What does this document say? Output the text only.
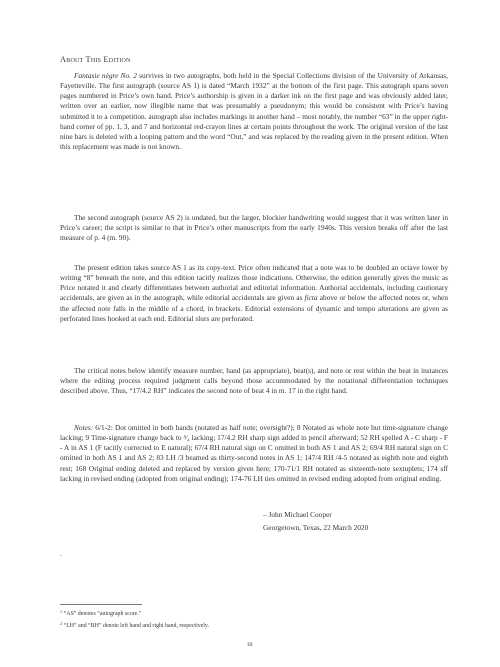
About This Edition

Fantasie nègre No. 2 survives in two autographs, both held in the Special Collections division of the University of Arkansas, Fayetteville. The first autograph (source AS 1) is dated “March 1932” at the bottom of the first page. This autograph spans seven pages numbered in Price’s own hand. Price’s authorship is given in a darker ink on the first page and was obviously added later, written over an earlier, now illegible name that was presumably a pseudonym; this would be consistent with Price’s having submitted it to a competition. autograph also includes markings in another hand – most notably, the number “63” in the upper right-hand corner of pp. 1, 3, and 7 and horizontal red-crayon lines at certain points throughout the work. The original version of the last nine bars is deleted with a looping pattern and the word “Out,” and was replaced by the reading given in the present edition. When this replacement was made is not known.

The second autograph (source AS 2) is undated, but the larger, blockier handwriting would suggest that it was written later in Price’s career; the script is similar to that in Price’s other manuscripts from the early 1940s. This version breaks off after the last measure of p. 4 (m. 90).

The present edition takes source AS 1 as its copy-text. Price often indicated that a note was to be doubled an octave lower by writing “8” beneath the note, and this edition tacitly realizes those indications. Otherwise, the edition generally gives the music as Price notated it and clearly differentiates between authorial and editorial information. Authorial accidentals, including cautionary accidentals, are given as in the autograph, while editorial accidentals are given as ficta above or below the affected notes or, when the affected note falls in the middle of a chord, in brackets. Editorial extensions of dynamic and tempo alterations are given as perforated lines hooked at each end. Editorial slurs are perforated.

The critical notes below identify measure number, hand (as appropriate), beat(s), and note or rest within the beat in instances where the editing process required judgment calls beyond those accommodated by the notational differentiation techniques described above. Thus, “17/4.2 RH” indicates the second note of beat 4 in m. 17 in the right hand.

Notes: 6/1-2: Dot omitted in both hands (notated as half note; oversight?); 8 Notated as whole note but time-signature change lacking; 9 Time-signature change back to ⁴⁄₄ lacking; 17/4.2 RH sharp sign added in pencil afterward; 52 RH spelled A - C sharp - F - A in AS 1 (F tacitly corrected to E natural); 67/4 RH natural sign on C omitted in both AS 1 and AS 2; 69/4 RH natural sign on C omitted in both AS 1 and AS 2; 83 LH /3 beamed as thirty-second notes in AS 1; 147/4 RH /4-5 notated as eighth note and eighth rest; 168 Original ending deleted and replaced by version given here; 170-71/1 RH notated as sixteenth-note sextuplets; 174 sff lacking in revised ending (adopted from original ending); 174-76 LH ties omitted in revised ending adopted from original ending.

.
– John Michael Cooper
Georgetown, Texas, 22 March 2020
$^1$ “AS” denotes “autograph score.”
$^2$ “LH” and “RH” denote left hand and right hand, respectively.
iii
